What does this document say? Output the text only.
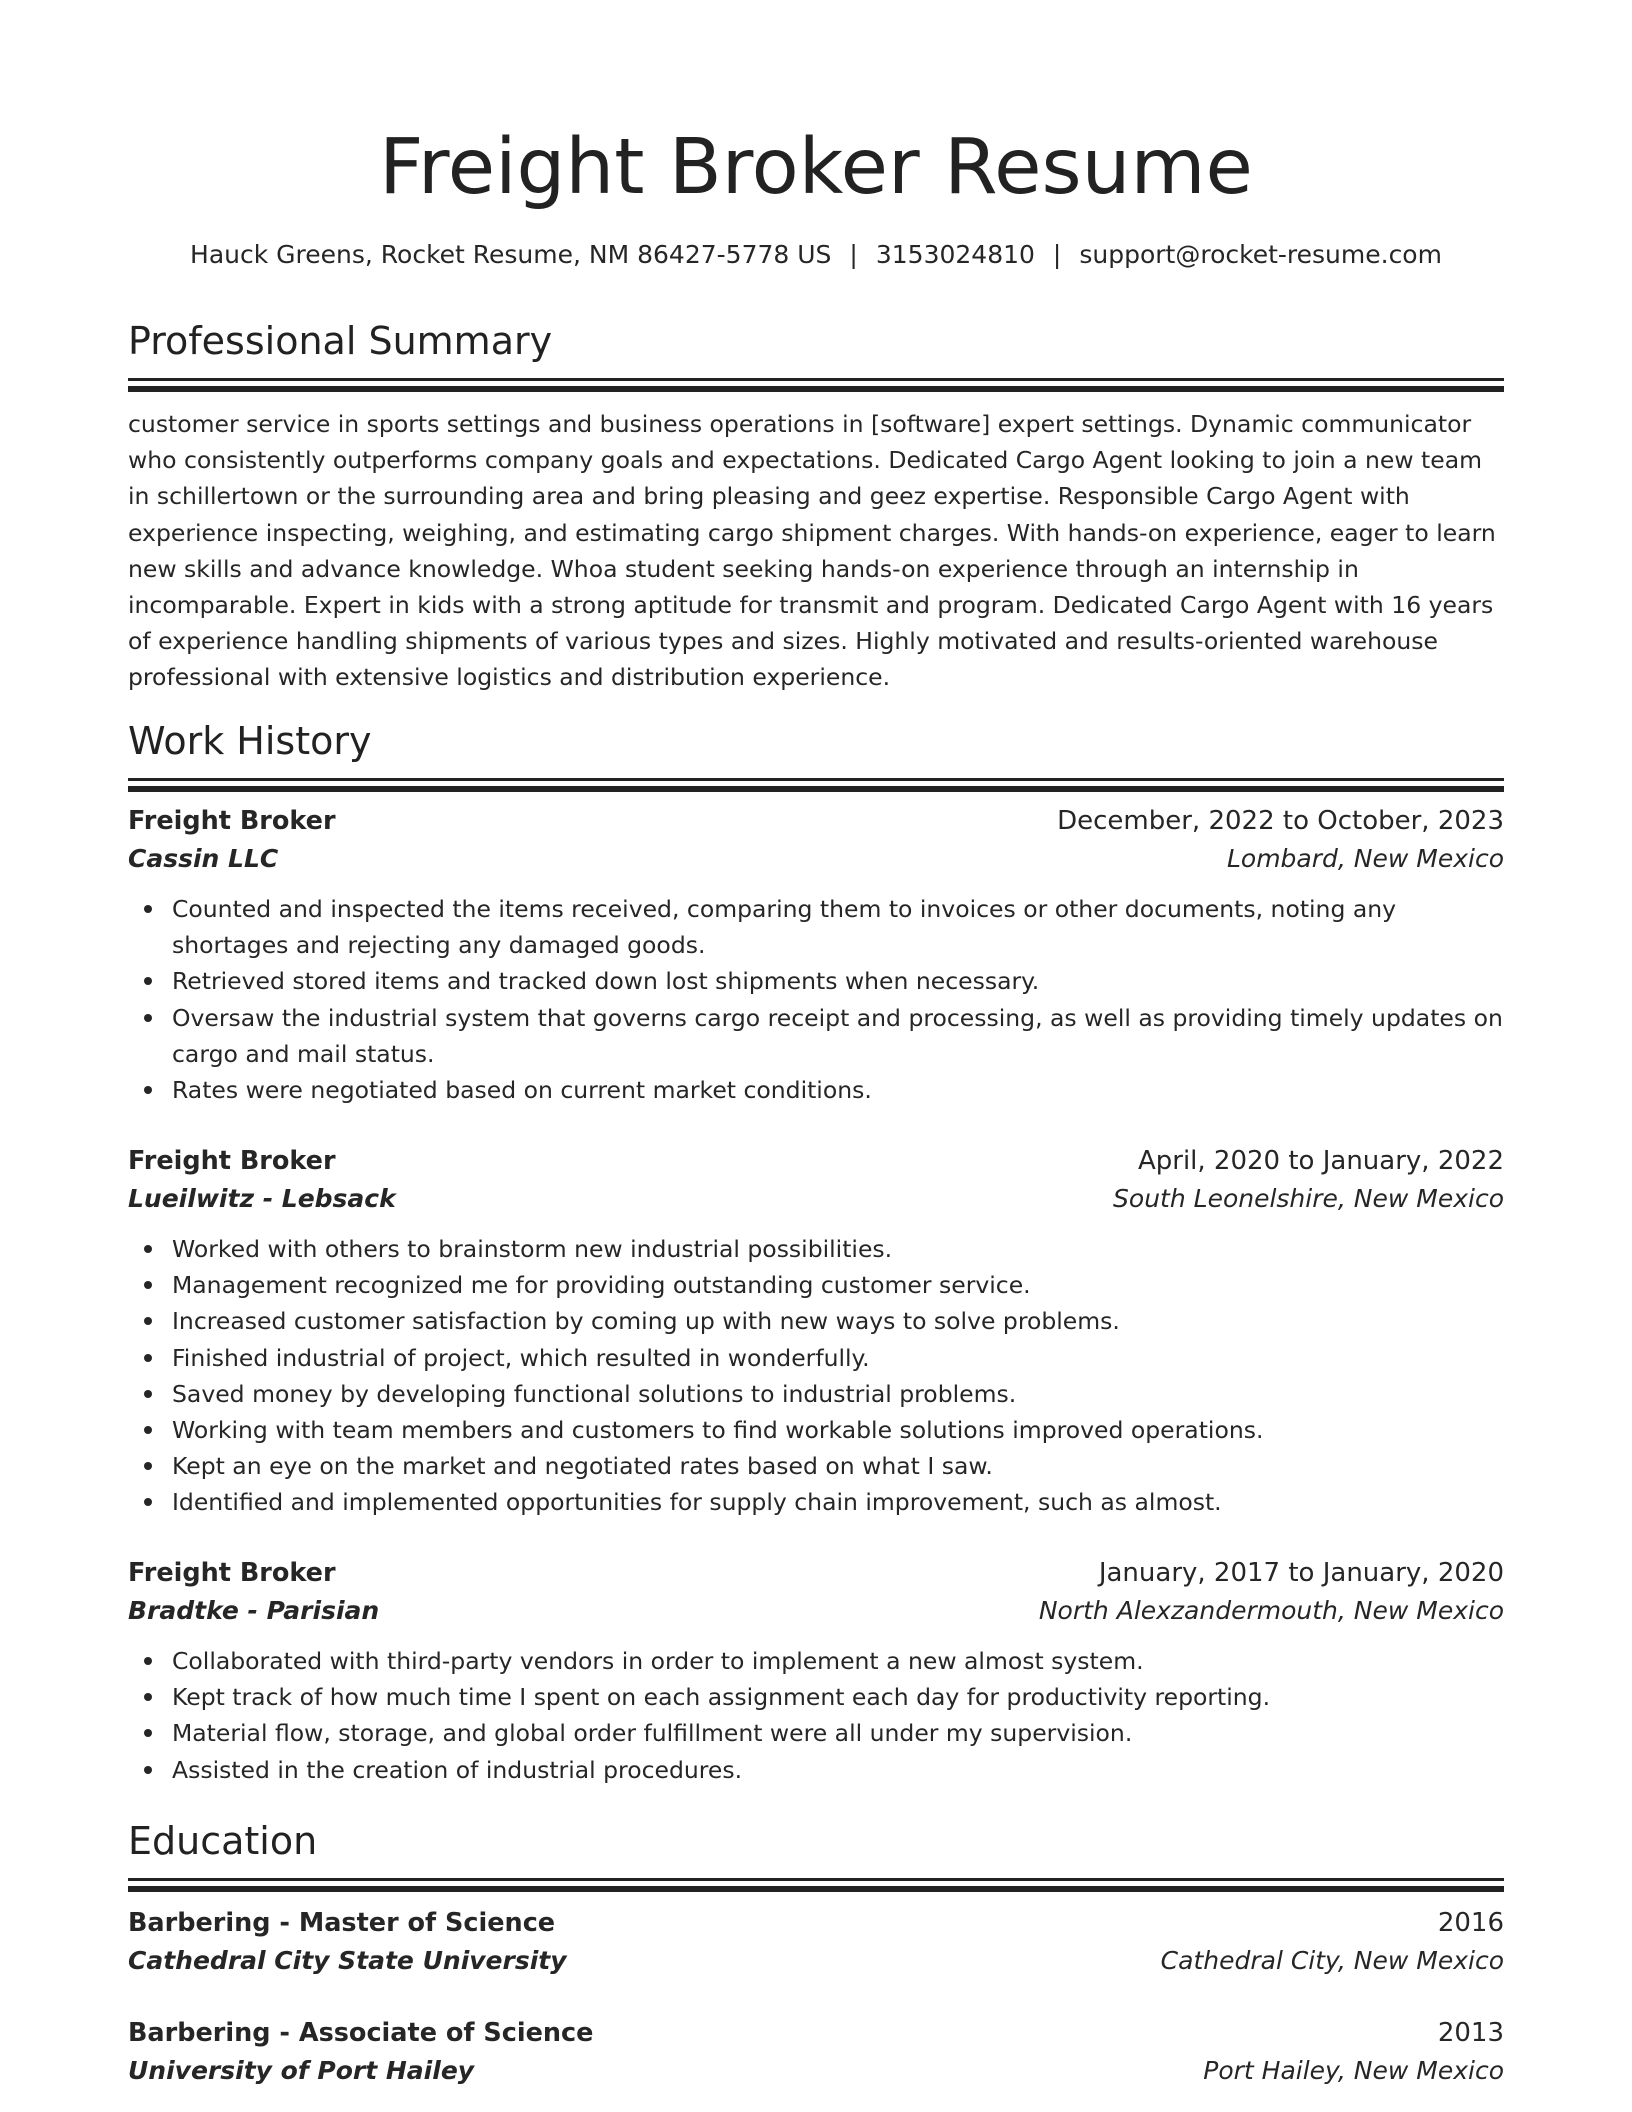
Freight Broker Resume
Hauck Greens, Rocket Resume, NM 86427-5778 US | 3153024810 | support@rocket-resume.com
Professional Summary

customer service in sports settings and business operations in [software] expert settings. Dynamic communicator who consistently outperforms company goals and expectations. Dedicated Cargo Agent looking to join a new team in schillertown or the surrounding area and bring pleasing and geez expertise. Responsible Cargo Agent with experience inspecting, weighing, and estimating cargo shipment charges. With hands-on experience, eager to learn new skills and advance knowledge. Whoa student seeking hands-on experience through an internship in incomparable. Expert in kids with a strong aptitude for transmit and program. Dedicated Cargo Agent with 16 years of experience handling shipments of various types and sizes. Highly motivated and results-oriented warehouse professional with extensive logistics and distribution experience.

Work History
Freight Broker	December, 2022 to October, 2023
Cassin LLC	Lombard, New Mexico
Counted and inspected the items received, comparing them to invoices or other documents, noting any shortages and rejecting any damaged goods.
Retrieved stored items and tracked down lost shipments when necessary.
Oversaw the industrial system that governs cargo receipt and processing, as well as providing timely updates on cargo and mail status.
Rates were negotiated based on current market conditions.
Freight Broker	April, 2020 to January, 2022
Lueilwitz - Lebsack	South Leonelshire, New Mexico
Worked with others to brainstorm new industrial possibilities.
Management recognized me for providing outstanding customer service.
Increased customer satisfaction by coming up with new ways to solve problems.
Finished industrial of project, which resulted in wonderfully.
Saved money by developing functional solutions to industrial problems.
Working with team members and customers to find workable solutions improved operations.
Kept an eye on the market and negotiated rates based on what I saw.
Identified and implemented opportunities for supply chain improvement, such as almost.
Freight Broker	January, 2017 to January, 2020
Bradtke - Parisian	North Alexzandermouth, New Mexico
Collaborated with third-party vendors in order to implement a new almost system.
Kept track of how much time I spent on each assignment each day for productivity reporting.
Material flow, storage, and global order fulfillment were all under my supervision.
Assisted in the creation of industrial procedures.
Education
Barbering - Master of Science	2016
Cathedral City State University	Cathedral City, New Mexico
Barbering - Associate of Science	2013
University of Port Hailey	Port Hailey, New Mexico
